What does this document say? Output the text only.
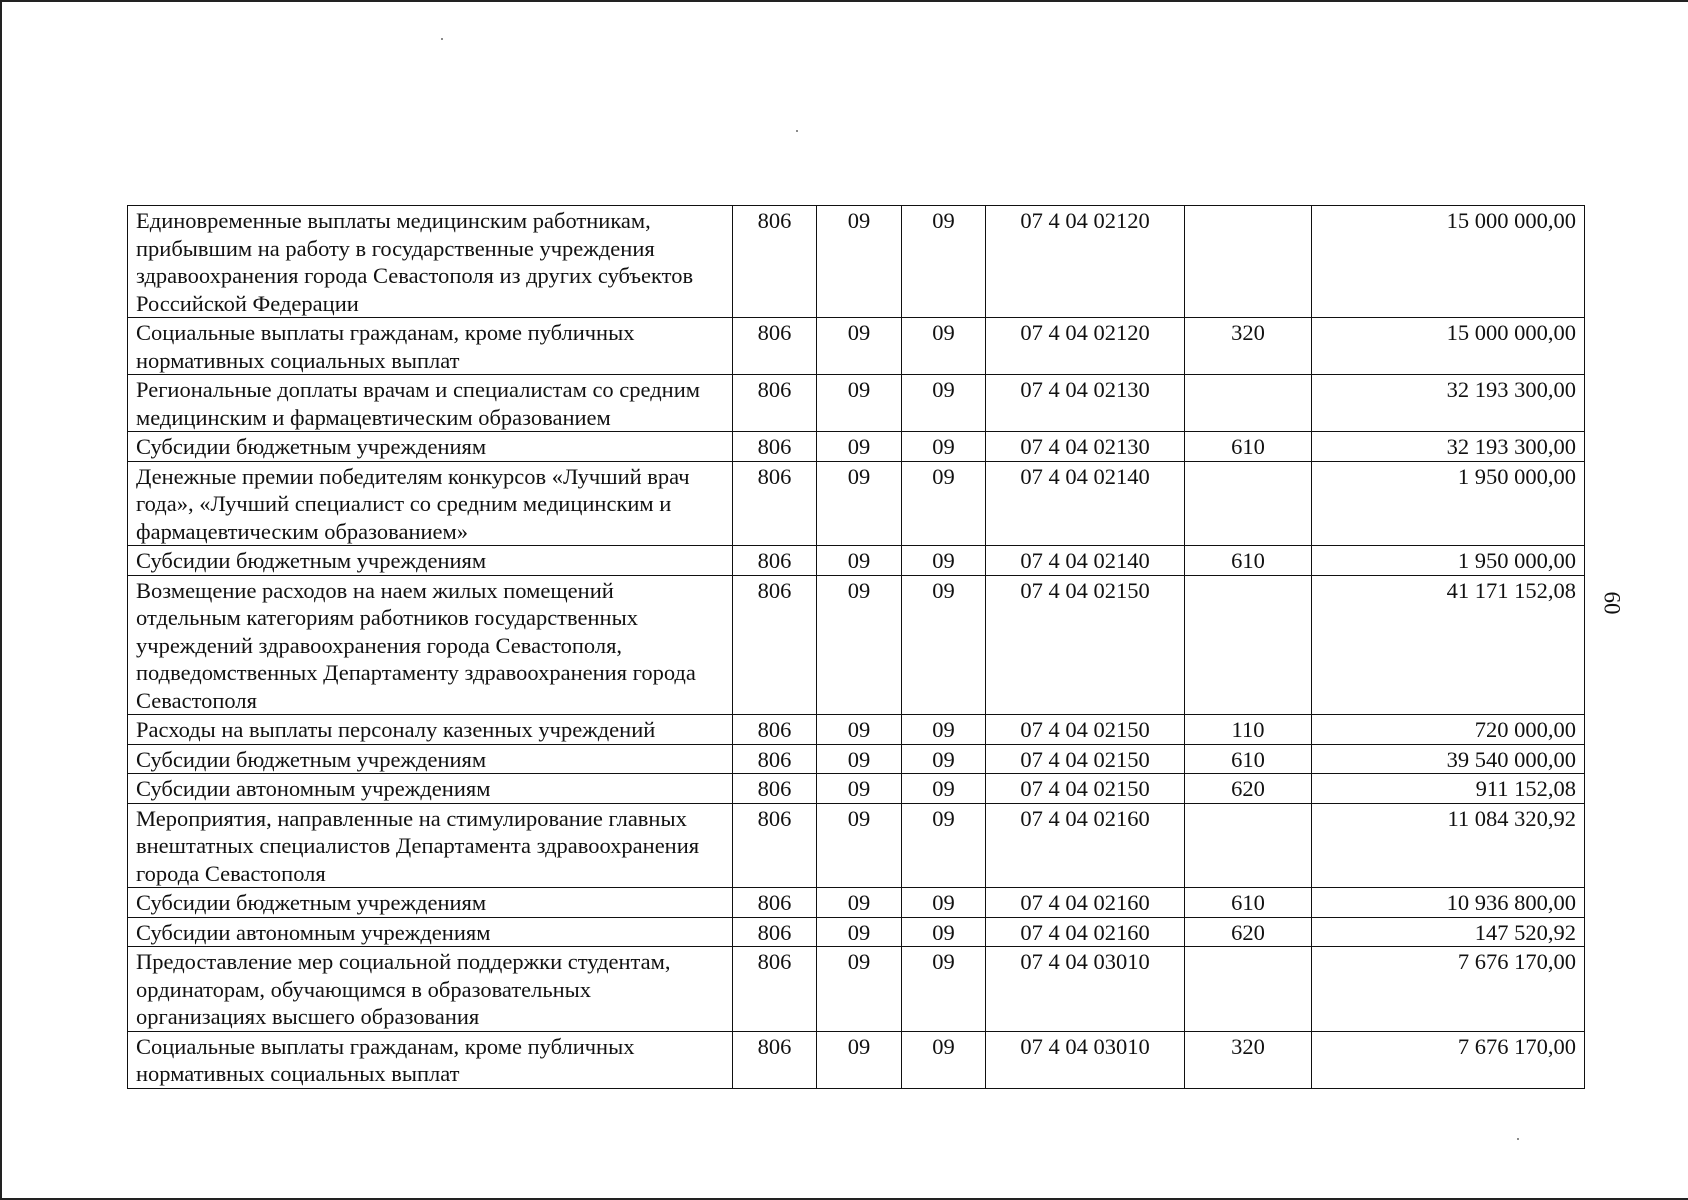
60
Единовременные выплаты медицинским работникам, прибывшим на работу в государственные учреждения здравоохранения города Севастополя из других субъектов Российской Федерации	806	09	09	07 4 04 02120		15 000 000,00
Социальные выплаты гражданам, кроме публичных нормативных социальных выплат	806	09	09	07 4 04 02120	320	15 000 000,00
Региональные доплаты врачам и специалистам со средним медицинским и фармацевтическим образованием	806	09	09	07 4 04 02130		32 193 300,00
Субсидии бюджетным учреждениям	806	09	09	07 4 04 02130	610	32 193 300,00
Денежные премии победителям конкурсов «Лучший врач года», «Лучший специалист со средним медицинским и фармацевтическим образованием»	806	09	09	07 4 04 02140		1 950 000,00
Субсидии бюджетным учреждениям	806	09	09	07 4 04 02140	610	1 950 000,00
Возмещение расходов на наем жилых помещений отдельным категориям работников государственных учреждений здравоохранения города Севастополя, подведомственных Департаменту здравоохранения города Севастополя	806	09	09	07 4 04 02150		41 171 152,08
Расходы на выплаты персоналу казенных учреждений	806	09	09	07 4 04 02150	110	720 000,00
Субсидии бюджетным учреждениям	806	09	09	07 4 04 02150	610	39 540 000,00
Субсидии автономным учреждениям	806	09	09	07 4 04 02150	620	911 152,08
Мероприятия, направленные на стимулирование главных внештатных специалистов Департамента здравоохранения города Севастополя	806	09	09	07 4 04 02160		11 084 320,92
Субсидии бюджетным учреждениям	806	09	09	07 4 04 02160	610	10 936 800,00
Субсидии автономным учреждениям	806	09	09	07 4 04 02160	620	147 520,92
Предоставление мер социальной поддержки студентам, ординаторам, обучающимся в образовательных организациях высшего образования	806	09	09	07 4 04 03010		7 676 170,00
Социальные выплаты гражданам, кроме публичных нормативных социальных выплат	806	09	09	07 4 04 03010	320	7 676 170,00
